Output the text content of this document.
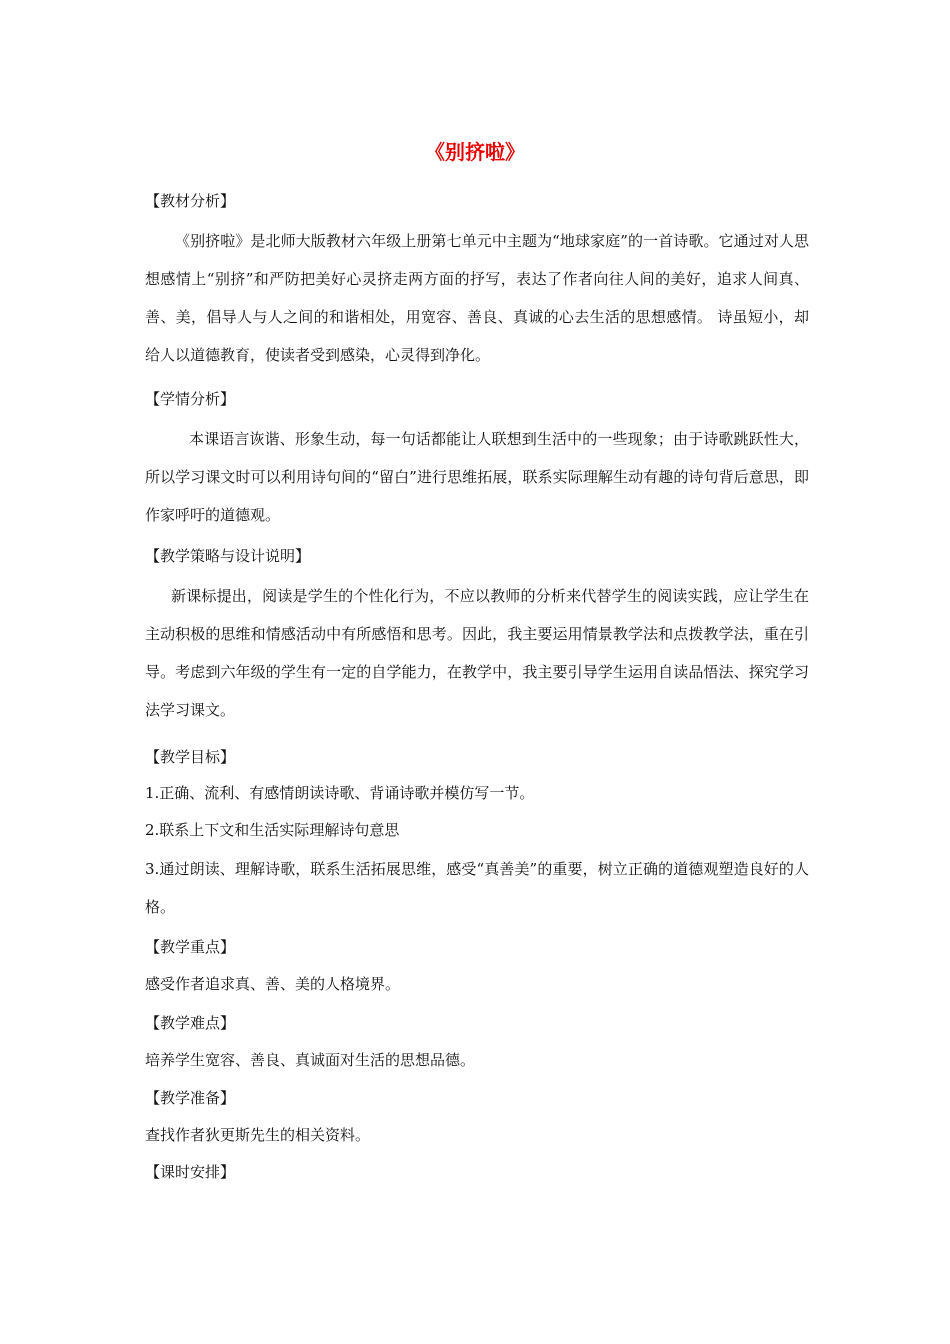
《别挤啦》
【教材分析】

《别挤啦》是北师大版教材六年级上册第七单元中主题为“地球家庭”的一首诗歌。它通过对人思想感情上“别挤”和严防把美好心灵挤走两方面的抒写，表达了作者向往人间的美好，追求人间真、善、美，倡导人与人之间的和谐相处，用宽容、善良、真诚的心去生活的思想感情。 诗虽短小，却给人以道德教育，使读者受到感染，心灵得到净化。

【学情分析】

本课语言诙谐、形象生动，每一句话都能让人联想到生活中的一些现象；由于诗歌跳跃性大，所以学习课文时可以利用诗句间的“留白”进行思维拓展，联系实际理解生动有趣的诗句背后意思，即作家呼吁的道德观。

【教学策略与设计说明】

新课标提出，阅读是学生的个性化行为，不应以教师的分析来代替学生的阅读实践，应让学生在主动积极的思维和情感活动中有所感悟和思考。因此，我主要运用情景教学法和点拨教学法，重在引导。考虑到六年级的学生有一定的自学能力，在教学中，我主要引导学生运用自读品悟法、探究学习法学习课文。

【教学目标】
1.正确、流利、有感情朗读诗歌、背诵诗歌并模仿写一节。
2.联系上下文和生活实际理解诗句意思

3.通过朗读、理解诗歌，联系生活拓展思维，感受“真善美”的重要，树立正确的道德观塑造良好的人格。

【教学重点】
感受作者追求真、善、美的人格境界。
【教学难点】
培养学生宽容、善良、真诚面对生活的思想品德。
【教学准备】
查找作者狄更斯先生的相关资料。
【课时安排】
